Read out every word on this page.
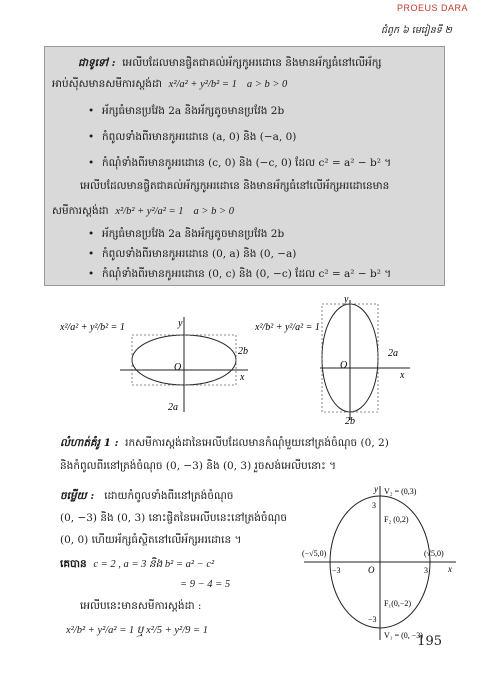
PROEUS DARA
ជំពូក ៦ មេរៀនទី ២
ជាទូទៅ : អេលីបដែលមានផ្ចិតជាគល់អ័ក្សកូអរដោនេ និងមានអ័ក្សធំនៅលើអ័ក្ស
អាប់ស៊ីសមានសមីការស្ដង់ដា x²/a² + y²/b² = 1 a > b > 0
• អ័ក្សធំមានប្រវែង 2a និងអ័ក្សតូចមានប្រវែង 2b
• កំពូលទាំងពីរមានកូអរដោនេ (a, 0) និង (−a, 0)
• កំណុំទាំងពីរមានកូអរដោនេ (c, 0) និង (−c, 0) ដែល c² = a² − b² ។
អេលីបដែលមានផ្ចិតជាគល់អ័ក្សកូអរដោនេ និងមានអ័ក្សធំនៅលើអ័ក្សអរដោនេមាន
សមីការស្ដង់ដា x²/b² + y²/a² = 1 a > b > 0
• អ័ក្សធំមានប្រវែង 2a និងអ័ក្សតូចមានប្រវែង 2b
• កំពូលទាំងពីរមានកូអរដោនេ (0, a) និង (0, −a)
• កំណុំទាំងពីរមានកូអរដោនេ (0, c) និង (0, −c) ដែល c² = a² − b² ។
x²/a² + y²/b² = 1	y
x
O
2b
2a
x²/b² + y²/a² = 1
y
x
O
2a
2b
លំហាត់គំរូ 1 : រកសមីការស្ដង់ដានៃអេលីបដែលមានកំណុំមួយនៅត្រង់ចំណុច (0, 2)
និងកំពូលពីរនៅត្រង់ចំណុច (0, −3) និង (0, 3) រួចសង់អេលីបនោះ ។
ចម្លើយ : ដោយកំពូលទាំងពីរនៅត្រង់ចំណុច
(0, −3) និង (0, 3) នោះផ្ចិតនៃអេលីបនេះនៅត្រង់ចំណុច
(0, 0) ហើយអ័ក្សធំស្ថិតនៅលើអ័ក្សអរដោនេ ។
គេបាន c = 2 , a = 3 និង b² = a² − c²
= 9 − 4 = 5
អេលីបនេះមានសមីការស្ដង់ដា :
x²/b² + y²/a² = 1 ឬ x²/5 + y²/9 = 1
y
x
O
V₂ = (0,3)
F₂ (0,2)
F₁(0,−2)
V₁ = (0, −3)
(−√5,0)	(√5,0)
3
−3
−3	3
195
